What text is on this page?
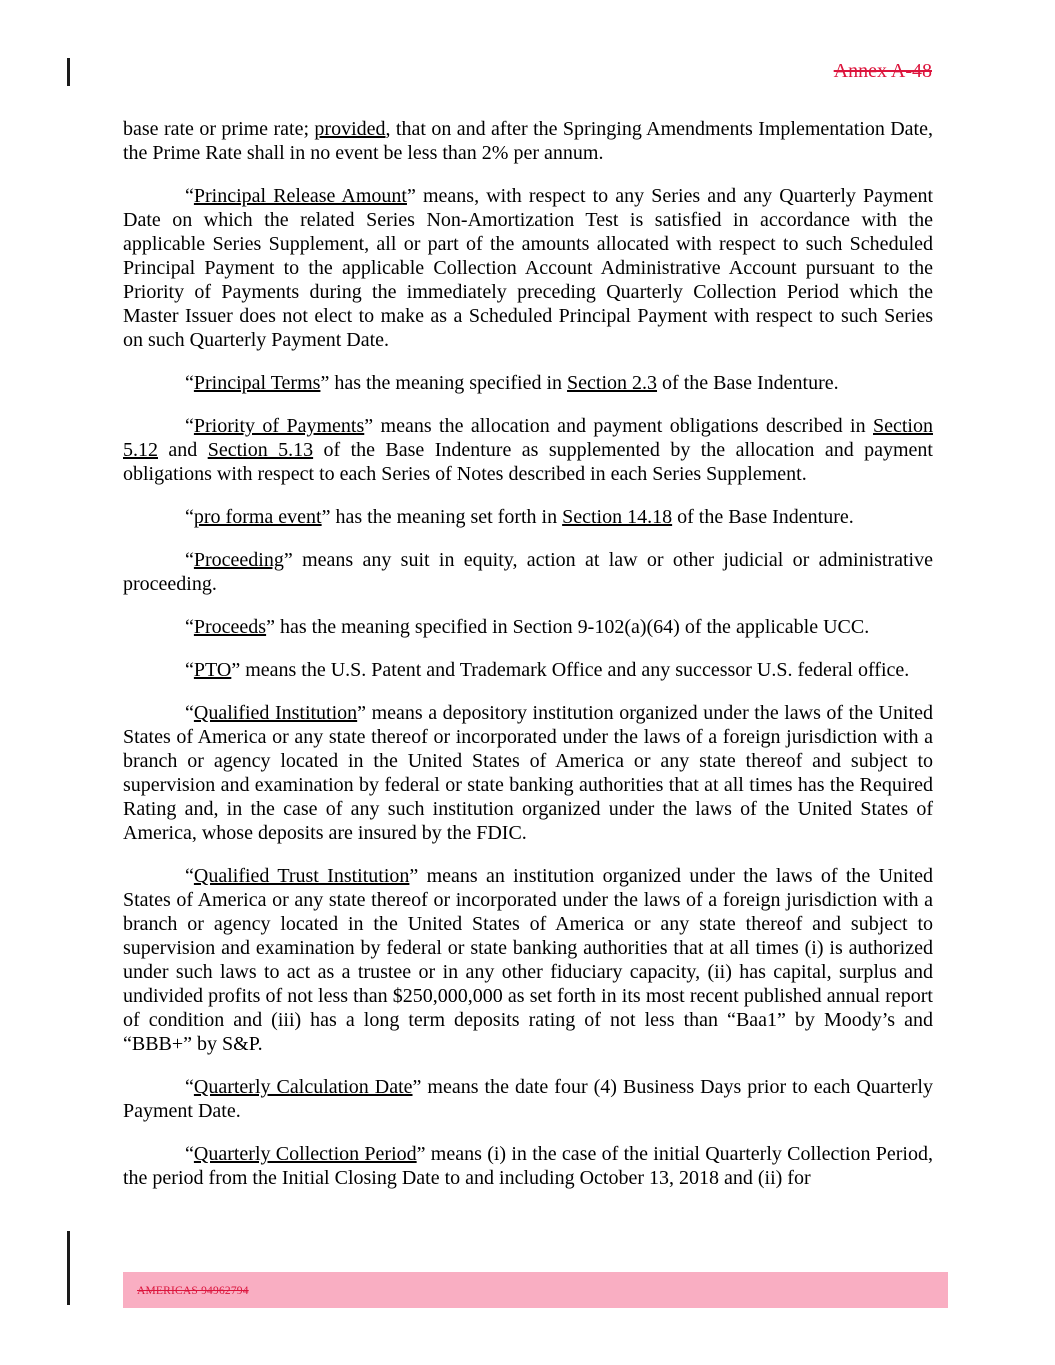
Annex A-48

base rate or prime rate; provided, that on and after the Springing Amendments Implementation Date, the Prime Rate shall in no event be less than 2% per annum.

“Principal Release Amount” means, with respect to any Series and any Quarterly Payment Date on which the related Series Non-Amortization Test is satisfied in accordance with the applicable Series Supplement, all or part of the amounts allocated with respect to such Scheduled Principal Payment to the applicable Collection Account Administrative Account pursuant to the Priority of Payments during the immediately preceding Quarterly Collection Period which the Master Issuer does not elect to make as a Scheduled Principal Payment with respect to such Series on such Quarterly Payment Date.

“Principal Terms” has the meaning specified in Section 2.3 of the Base Indenture.

“Priority of Payments” means the allocation and payment obligations described in Section 5.12 and Section 5.13 of the Base Indenture as supplemented by the allocation and payment obligations with respect to each Series of Notes described in each Series Supplement.

“pro forma event” has the meaning set forth in Section 14.18 of the Base Indenture.

“Proceeding” means any suit in equity, action at law or other judicial or administrative proceeding.

“Proceeds” has the meaning specified in Section 9-102(a)(64) of the applicable UCC.

“PTO” means the U.S. Patent and Trademark Office and any successor U.S. federal office.

“Qualified Institution” means a depository institution organized under the laws of the United States of America or any state thereof or incorporated under the laws of a foreign jurisdiction with a branch or agency located in the United States of America or any state thereof and subject to supervision and examination by federal or state banking authorities that at all times has the Required Rating and, in the case of any such institution organized under the laws of the United States of America, whose deposits are insured by the FDIC.

“Qualified Trust Institution” means an institution organized under the laws of the United States of America or any state thereof or incorporated under the laws of a foreign jurisdiction with a branch or agency located in the United States of America or any state thereof and subject to supervision and examination by federal or state banking authorities that at all times (i) is authorized under such laws to act as a trustee or in any other fiduciary capacity, (ii) has capital, surplus and undivided profits of not less than $250,000,000 as set forth in its most recent published annual report of condition and (iii) has a long term deposits rating of not less than “Baa1” by Moody’s and “BBB+” by S&P.

“Quarterly Calculation Date” means the date four (4) Business Days prior to each Quarterly Payment Date.

“Quarterly Collection Period” means (i) in the case of the initial Quarterly Collection Period, the period from the Initial Closing Date to and including October 13, 2018 and (ii) for

AMERICAS 94962794
